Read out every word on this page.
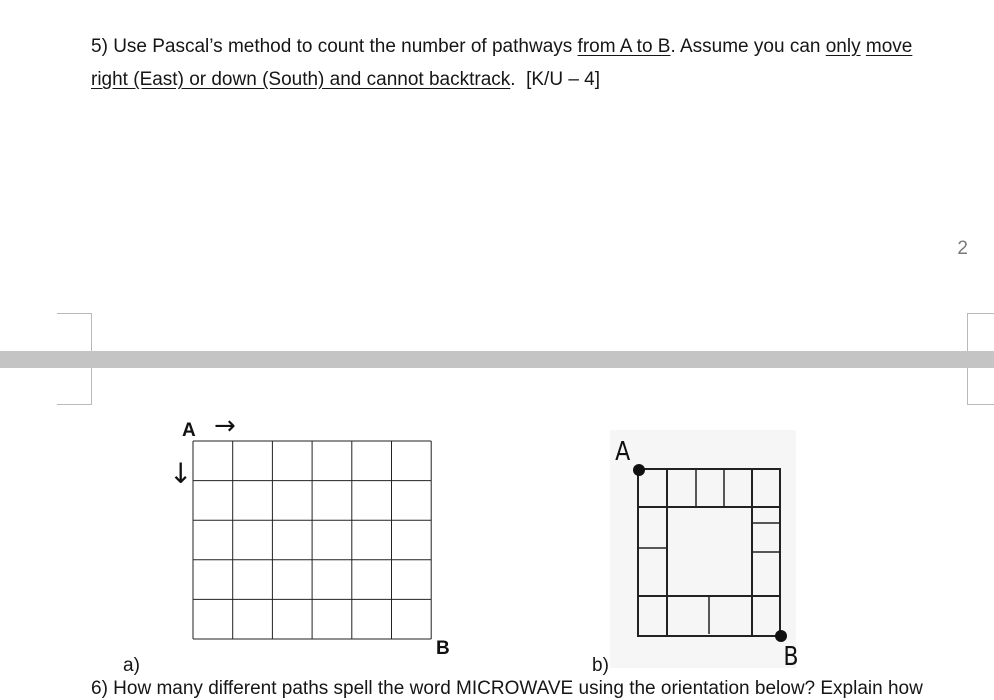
5) Use Pascal’s method to count the number of pathways from A to B. Assume you can only move right (East) or down (South) and cannot backtrack. [K/U – 4]
2
A →
↓
B
A
B
a)	b)
6) How many different paths spell the word MICROWAVE using the orientation below? Explain how
